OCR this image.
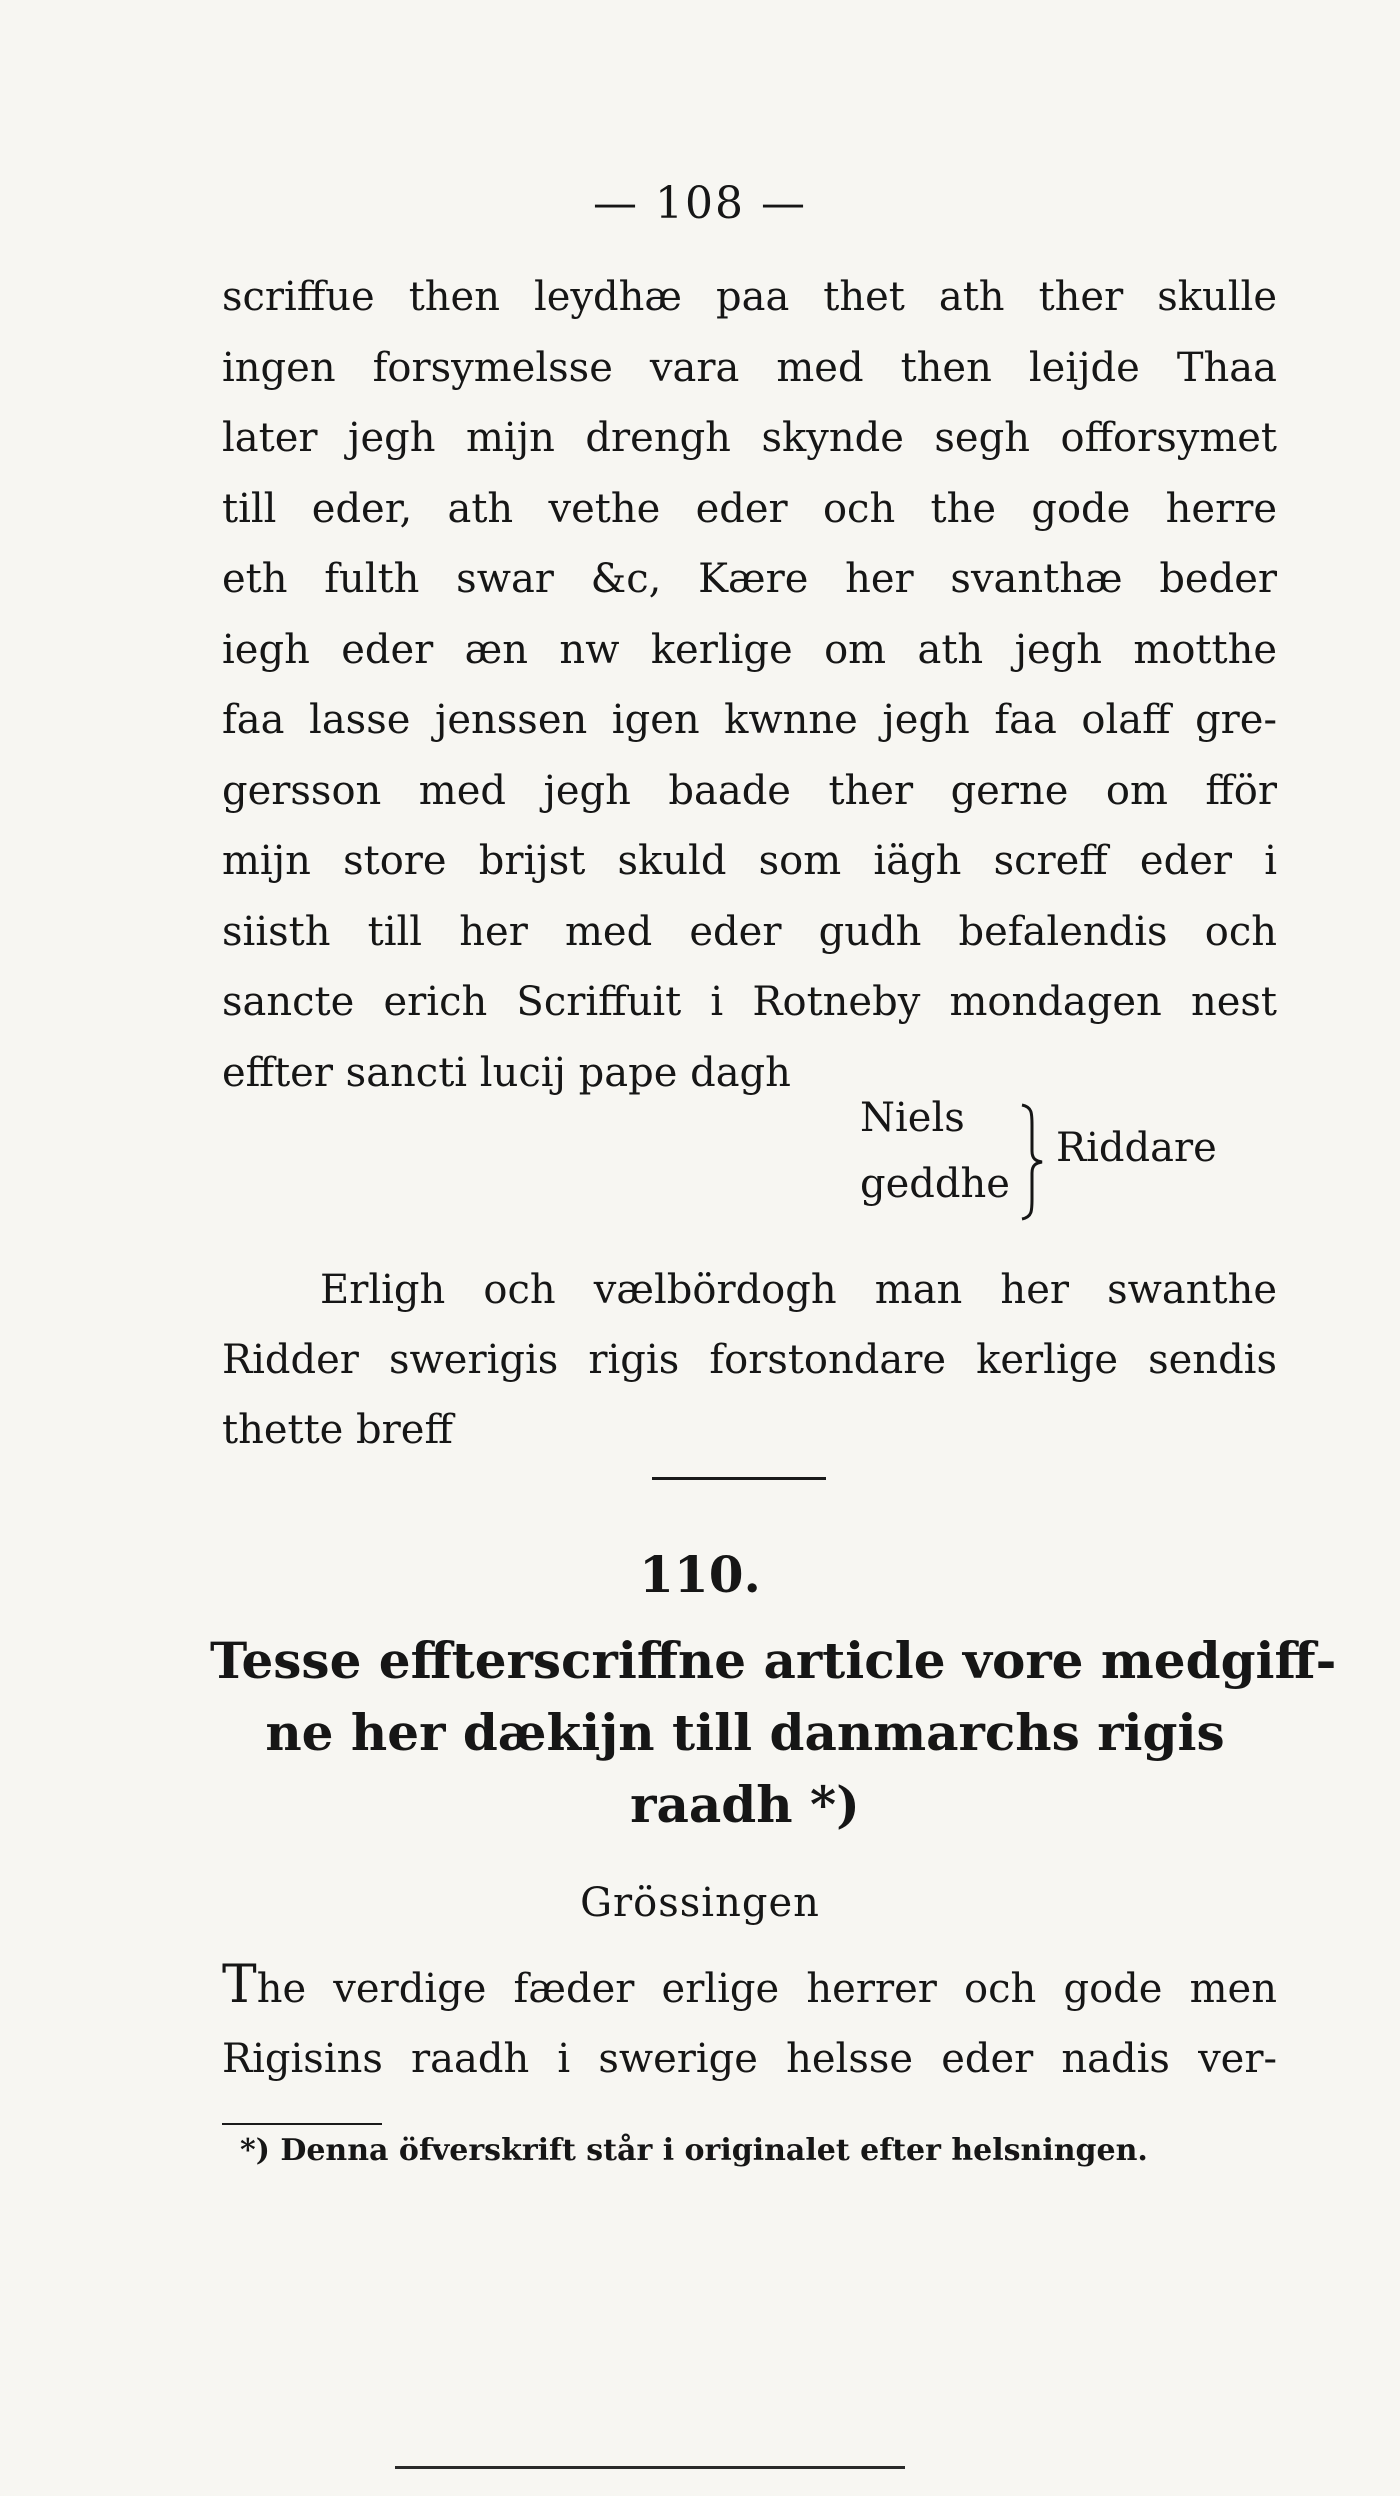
— 108 —
scriffue then leydhæ paa thet ath ther skulle
ingen forsymelsse vara med then leijde Thaa
later jegh mijn drengh skynde segh offorsymet
till eder, ath vethe eder och the gode herre
eth fulth swar &c, Kære her svanthæ beder
iegh eder æn nw kerlige om ath jegh motthe
faa lasse jenssen igen kwnne jegh faa olaff gre-
gersson med jegh baade ther gerne om fför
mijn store brijst skuld som iägh screff eder i
siisth till her med eder gudh befalendis och
sancte erich Scriffuit i Rotneby mondagen nest
effter sancti lucij pape dagh
Niels
geddhe
Riddare
Erligh och vælbördogh man her swanthe
Ridder swerigis rigis forstondare kerlige sendis
thette breff
110.
Tesse effterscriffne article vore medgiff-
ne her dækijn till danmarchs rigis
raadh *)
Grössingen
The verdige fæder erlige herrer och gode men
Rigisins raadh i swerige helsse eder nadis ver-
*) Denna öfverskrift står i originalet efter helsningen.
